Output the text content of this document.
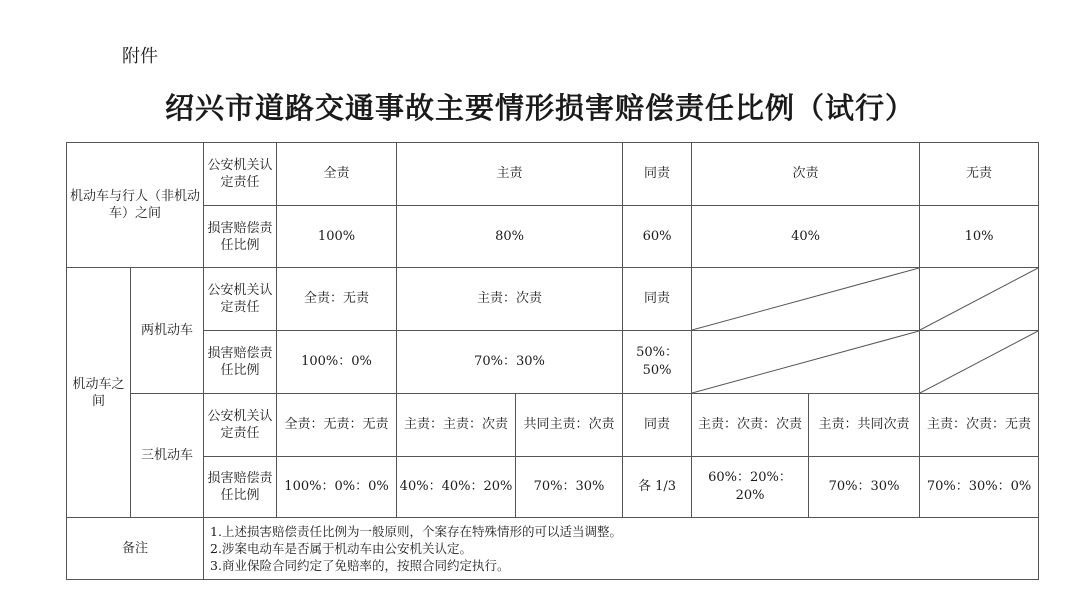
附件
绍兴市道路交通事故主要情形损害赔偿责任比例（试行）
机动车与行人（非机动车）之间		公安机关认定责任	全责	主责		同责	次责		无责
		损害赔偿责任比例	100%	80%		60%	40%		10%
机动车之间	两机动车	公安机关认定责任	全责：无责	主责：次责		同责	

		损害赔偿责任比例	100%：0%	70%：30%		50%：50%	

	三机动车	公安机关认定责任	全责：无责：无责	主责：主责：次责	共同主责：次责	同责	主责：次责：次责	主责：共同次责	主责：次责：无责
		损害赔偿责任比例	100%：0%：0%	40%：40%：20%	70%：30%	各 1/3	60%：20%：20%	70%：30%	70%：30%：0%
备注		1.上述损害赔偿责任比例为一般原则，个案存在特殊情形的可以适当调整。
2.涉案电动车是否属于机动车由公安机关认定。
3.商业保险合同约定了免赔率的，按照合同约定执行。							
